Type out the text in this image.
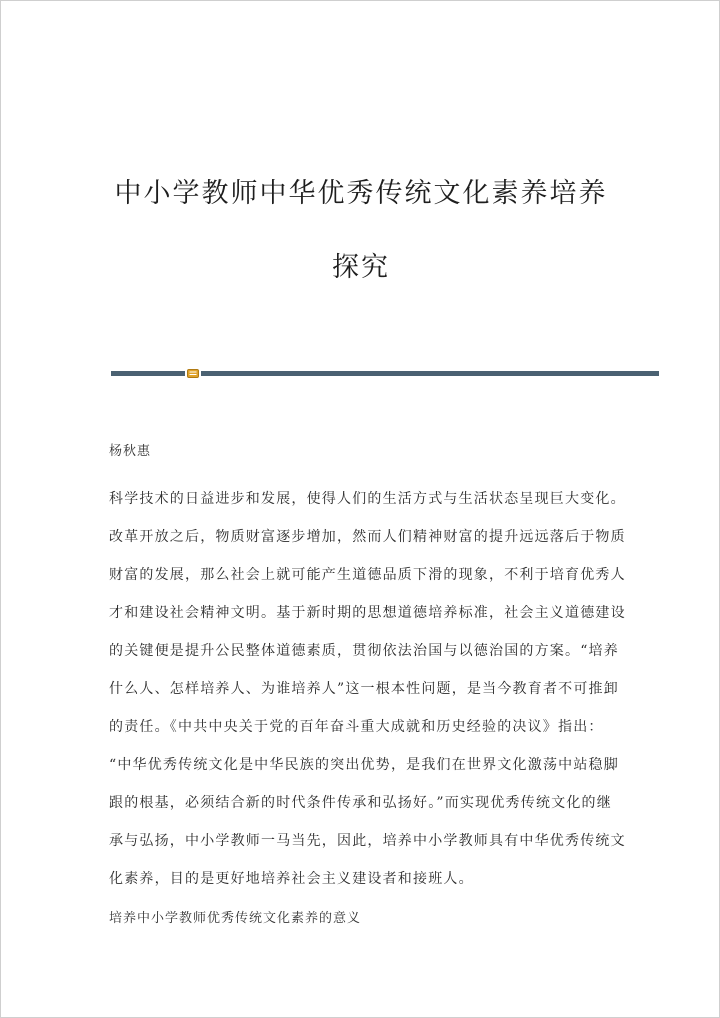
中小学教师中华优秀传统文化素养培养
探究
杨秋惠
科学技术的日益进步和发展，使得人们的生活方式与生活状态呈现巨大变化。
改革开放之后，物质财富逐步增加，然而人们精神财富的提升远远落后于物质
财富的发展，那么社会上就可能产生道德品质下滑的现象，不利于培育优秀人
才和建设社会精神文明。基于新时期的思想道德培养标准，社会主义道德建设
的关键便是提升公民整体道德素质，贯彻依法治国与以德治国的方案。“培养
什么人、怎样培养人、为谁培养人”这一根本性问题，是当今教育者不可推卸
的责任。《中共中央关于党的百年奋斗重大成就和历史经验的决议》指出：
“中华优秀传统文化是中华民族的突出优势，是我们在世界文化激荡中站稳脚
跟的根基，必须结合新的时代条件传承和弘扬好。”而实现优秀传统文化的继
承与弘扬，中小学教师一马当先，因此，培养中小学教师具有中华优秀传统文
化素养，目的是更好地培养社会主义建设者和接班人。
培养中小学教师优秀传统文化素养的意义
